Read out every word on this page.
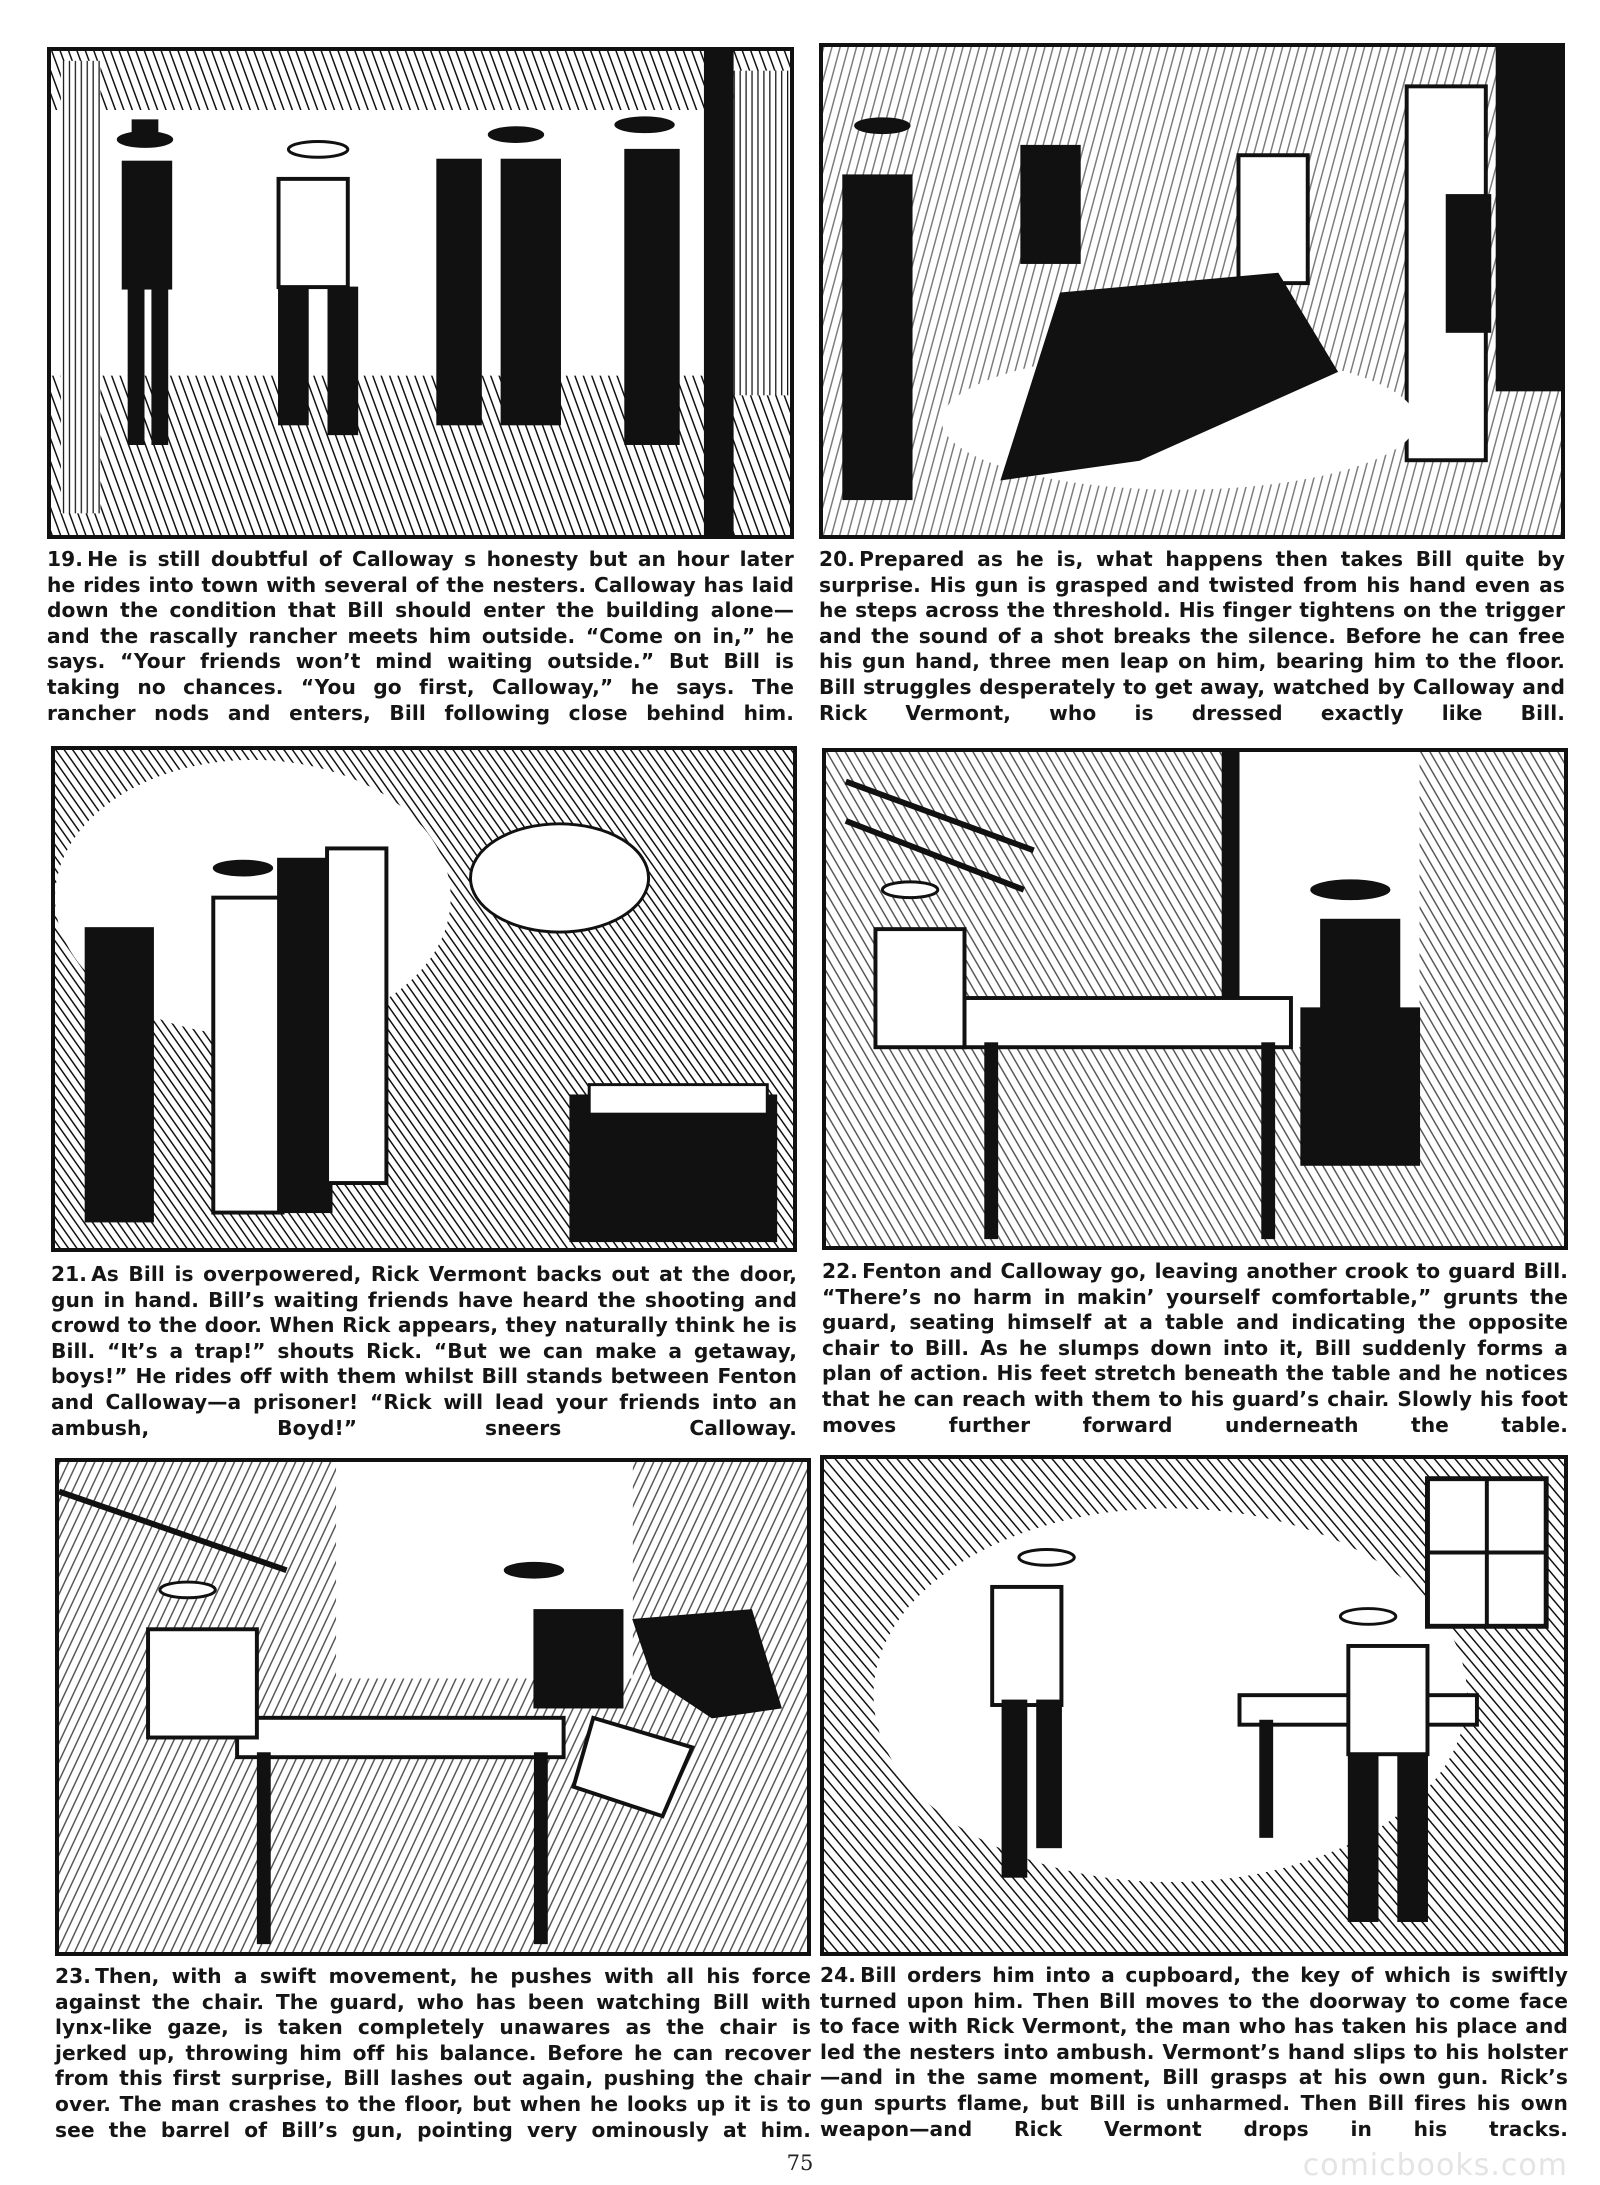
19. He is still doubtful of Calloway s honesty but an hour later he rides into town with several of the nesters. Calloway has laid down the condition that Bill should enter the building alone—and the rascally rancher meets him outside. “Come on in,” he says. “Your friends won’t mind waiting outside.” But Bill is taking no chances. “You go first, Calloway,” he says. The rancher nods and enters, Bill following close behind him.
20. Prepared as he is, what happens then takes Bill quite by surprise. His gun is grasped and twisted from his hand even as he steps across the threshold. His finger tightens on the trigger and the sound of a shot breaks the silence. Before he can free his gun hand, three men leap on him, bearing him to the floor. Bill struggles desperately to get away, watched by Calloway and Rick Vermont, who is dressed exactly like Bill.
21. As Bill is overpowered, Rick Vermont backs out at the door, gun in hand. Bill’s waiting friends have heard the shooting and crowd to the door. When Rick appears, they naturally think he is Bill. “It’s a trap!” shouts Rick. “But we can make a getaway, boys!” He rides off with them whilst Bill stands between Fenton and Calloway—a prisoner! “Rick will lead your friends into an ambush, Boyd!” sneers Calloway.
22. Fenton and Calloway go, leaving another crook to guard Bill. “There’s no harm in makin’ yourself comfortable,” grunts the guard, seating himself at a table and indicating the opposite chair to Bill. As he slumps down into it, Bill suddenly forms a plan of action. His feet stretch beneath the table and he notices that he can reach with them to his guard’s chair. Slowly his foot moves further forward underneath the table.
23. Then, with a swift movement, he pushes with all his force against the chair. The guard, who has been watching Bill with lynx-like gaze, is taken completely unawares as the chair is jerked up, throwing him off his balance. Before he can recover from this first surprise, Bill lashes out again, pushing the chair over. The man crashes to the floor, but when he looks up it is to see the barrel of Bill’s gun, pointing very ominously at him.
24. Bill orders him into a cupboard, the key of which is swiftly turned upon him. Then Bill moves to the doorway to come face to face with Rick Vermont, the man who has taken his place and led the nesters into ambush. Vermont’s hand slips to his holster—and in the same moment, Bill grasps at his own gun. Rick’s gun spurts flame, but Bill is unharmed. Then Bill fires his own weapon—and Rick Vermont drops in his tracks.
75	comicbooks.com
